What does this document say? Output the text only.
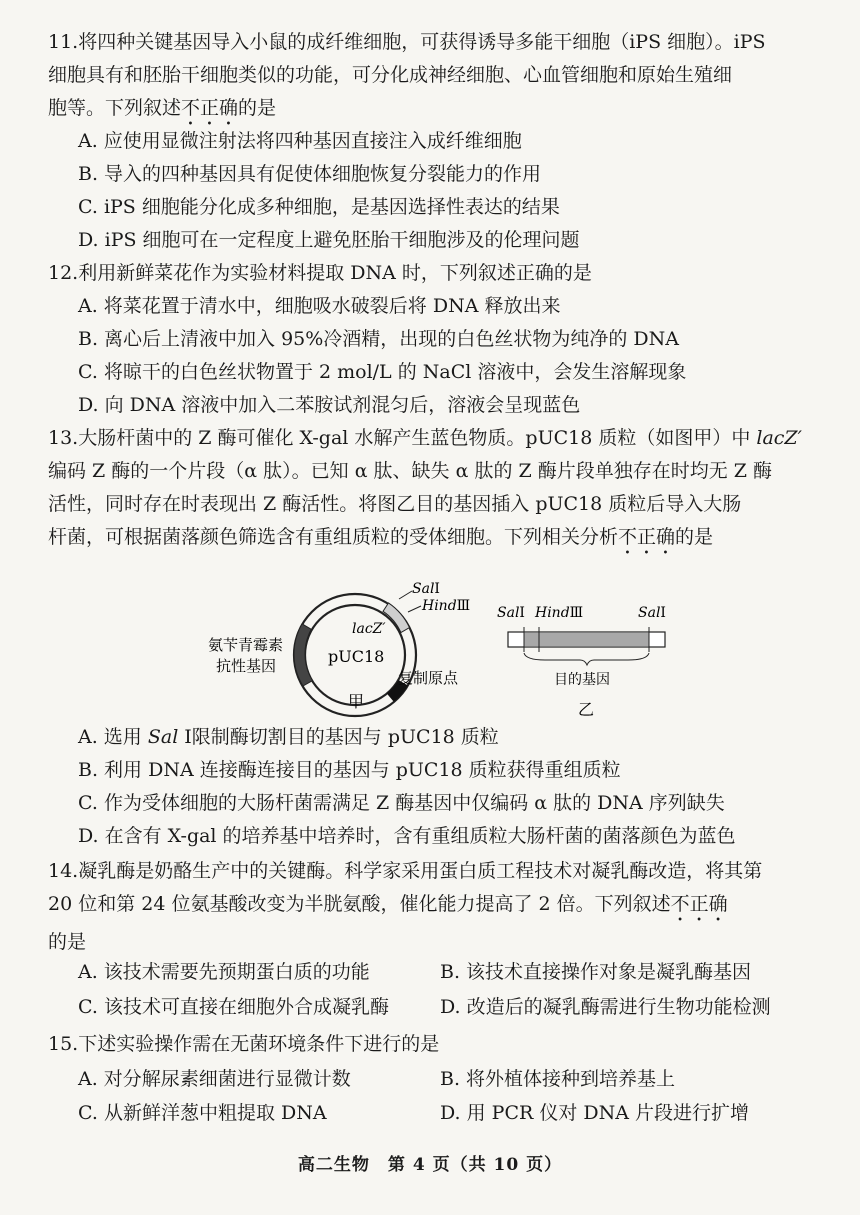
11.将四种关键基因导入小鼠的成纤维细胞，可获得诱导多能干细胞（iPS 细胞）。iPS

细胞具有和胚胎干细胞类似的功能，可分化成神经细胞、心血管细胞和原始生殖细

胞等。下列叙述不正确的是

A. 应使用显微注射法将四种基因直接注入成纤维细胞
B. 导入的四种基因具有促使体细胞恢复分裂能力的作用
C. iPS 细胞能分化成多种细胞，是基因选择性表达的结果
D. iPS 细胞可在一定程度上避免胚胎干细胞涉及的伦理问题

12.利用新鲜菜花作为实验材料提取 DNA 时，下列叙述正确的是

A. 将菜花置于清水中，细胞吸水破裂后将 DNA 释放出来
B. 离心后上清液中加入 95%冷酒精，出现的白色丝状物为纯净的 DNA
C. 将晾干的白色丝状物置于 2 mol/L 的 NaCl 溶液中，会发生溶解现象
D. 向 DNA 溶液中加入二苯胺试剂混匀后，溶液会呈现蓝色

13.大肠杆菌中的 Z 酶可催化 X-gal 水解产生蓝色物质。pUC18 质粒（如图甲）中 lacZ′

编码 Z 酶的一个片段（α 肽）。已知 α 肽、缺失 α 肽的 Z 酶片段单独存在时均无 Z 酶

活性，同时存在时表现出 Z 酶活性。将图乙目的基因插入 pUC18 质粒后导入大肠

杆菌，可根据菌落颜色筛选含有重组质粒的受体细胞。下列相关分析不正确的是

pUC18
lacZ′
SalⅠ
HindⅢ
氨苄青霉素
抗性基因
复制原点
甲
SalⅠ HindⅢ	SalⅠ
目的基因
乙
A. 选用 Sal Ⅰ限制酶切割目的基因与 pUC18 质粒
B. 利用 DNA 连接酶连接目的基因与 pUC18 质粒获得重组质粒
C. 作为受体细胞的大肠杆菌需满足 Z 酶基因中仅编码 α 肽的 DNA 序列缺失
D. 在含有 X-gal 的培养基中培养时，含有重组质粒大肠杆菌的菌落颜色为蓝色

14.凝乳酶是奶酪生产中的关键酶。科学家采用蛋白质工程技术对凝乳酶改造，将其第

20 位和第 24 位氨基酸改变为半胱氨酸，催化能力提高了 2 倍。下列叙述不正确

的是

A. 该技术需要先预期蛋白质的功能	B. 该技术直接操作对象是凝乳酶基因
C. 该技术可直接在细胞外合成凝乳酶	D. 改造后的凝乳酶需进行生物功能检测

15.下述实验操作需在无菌环境条件下进行的是

A. 对分解尿素细菌进行显微计数	B. 将外植体接种到培养基上
C. 从新鲜洋葱中粗提取 DNA	D. 用 PCR 仪对 DNA 片段进行扩增
高二生物　第 4 页（共 10 页）
